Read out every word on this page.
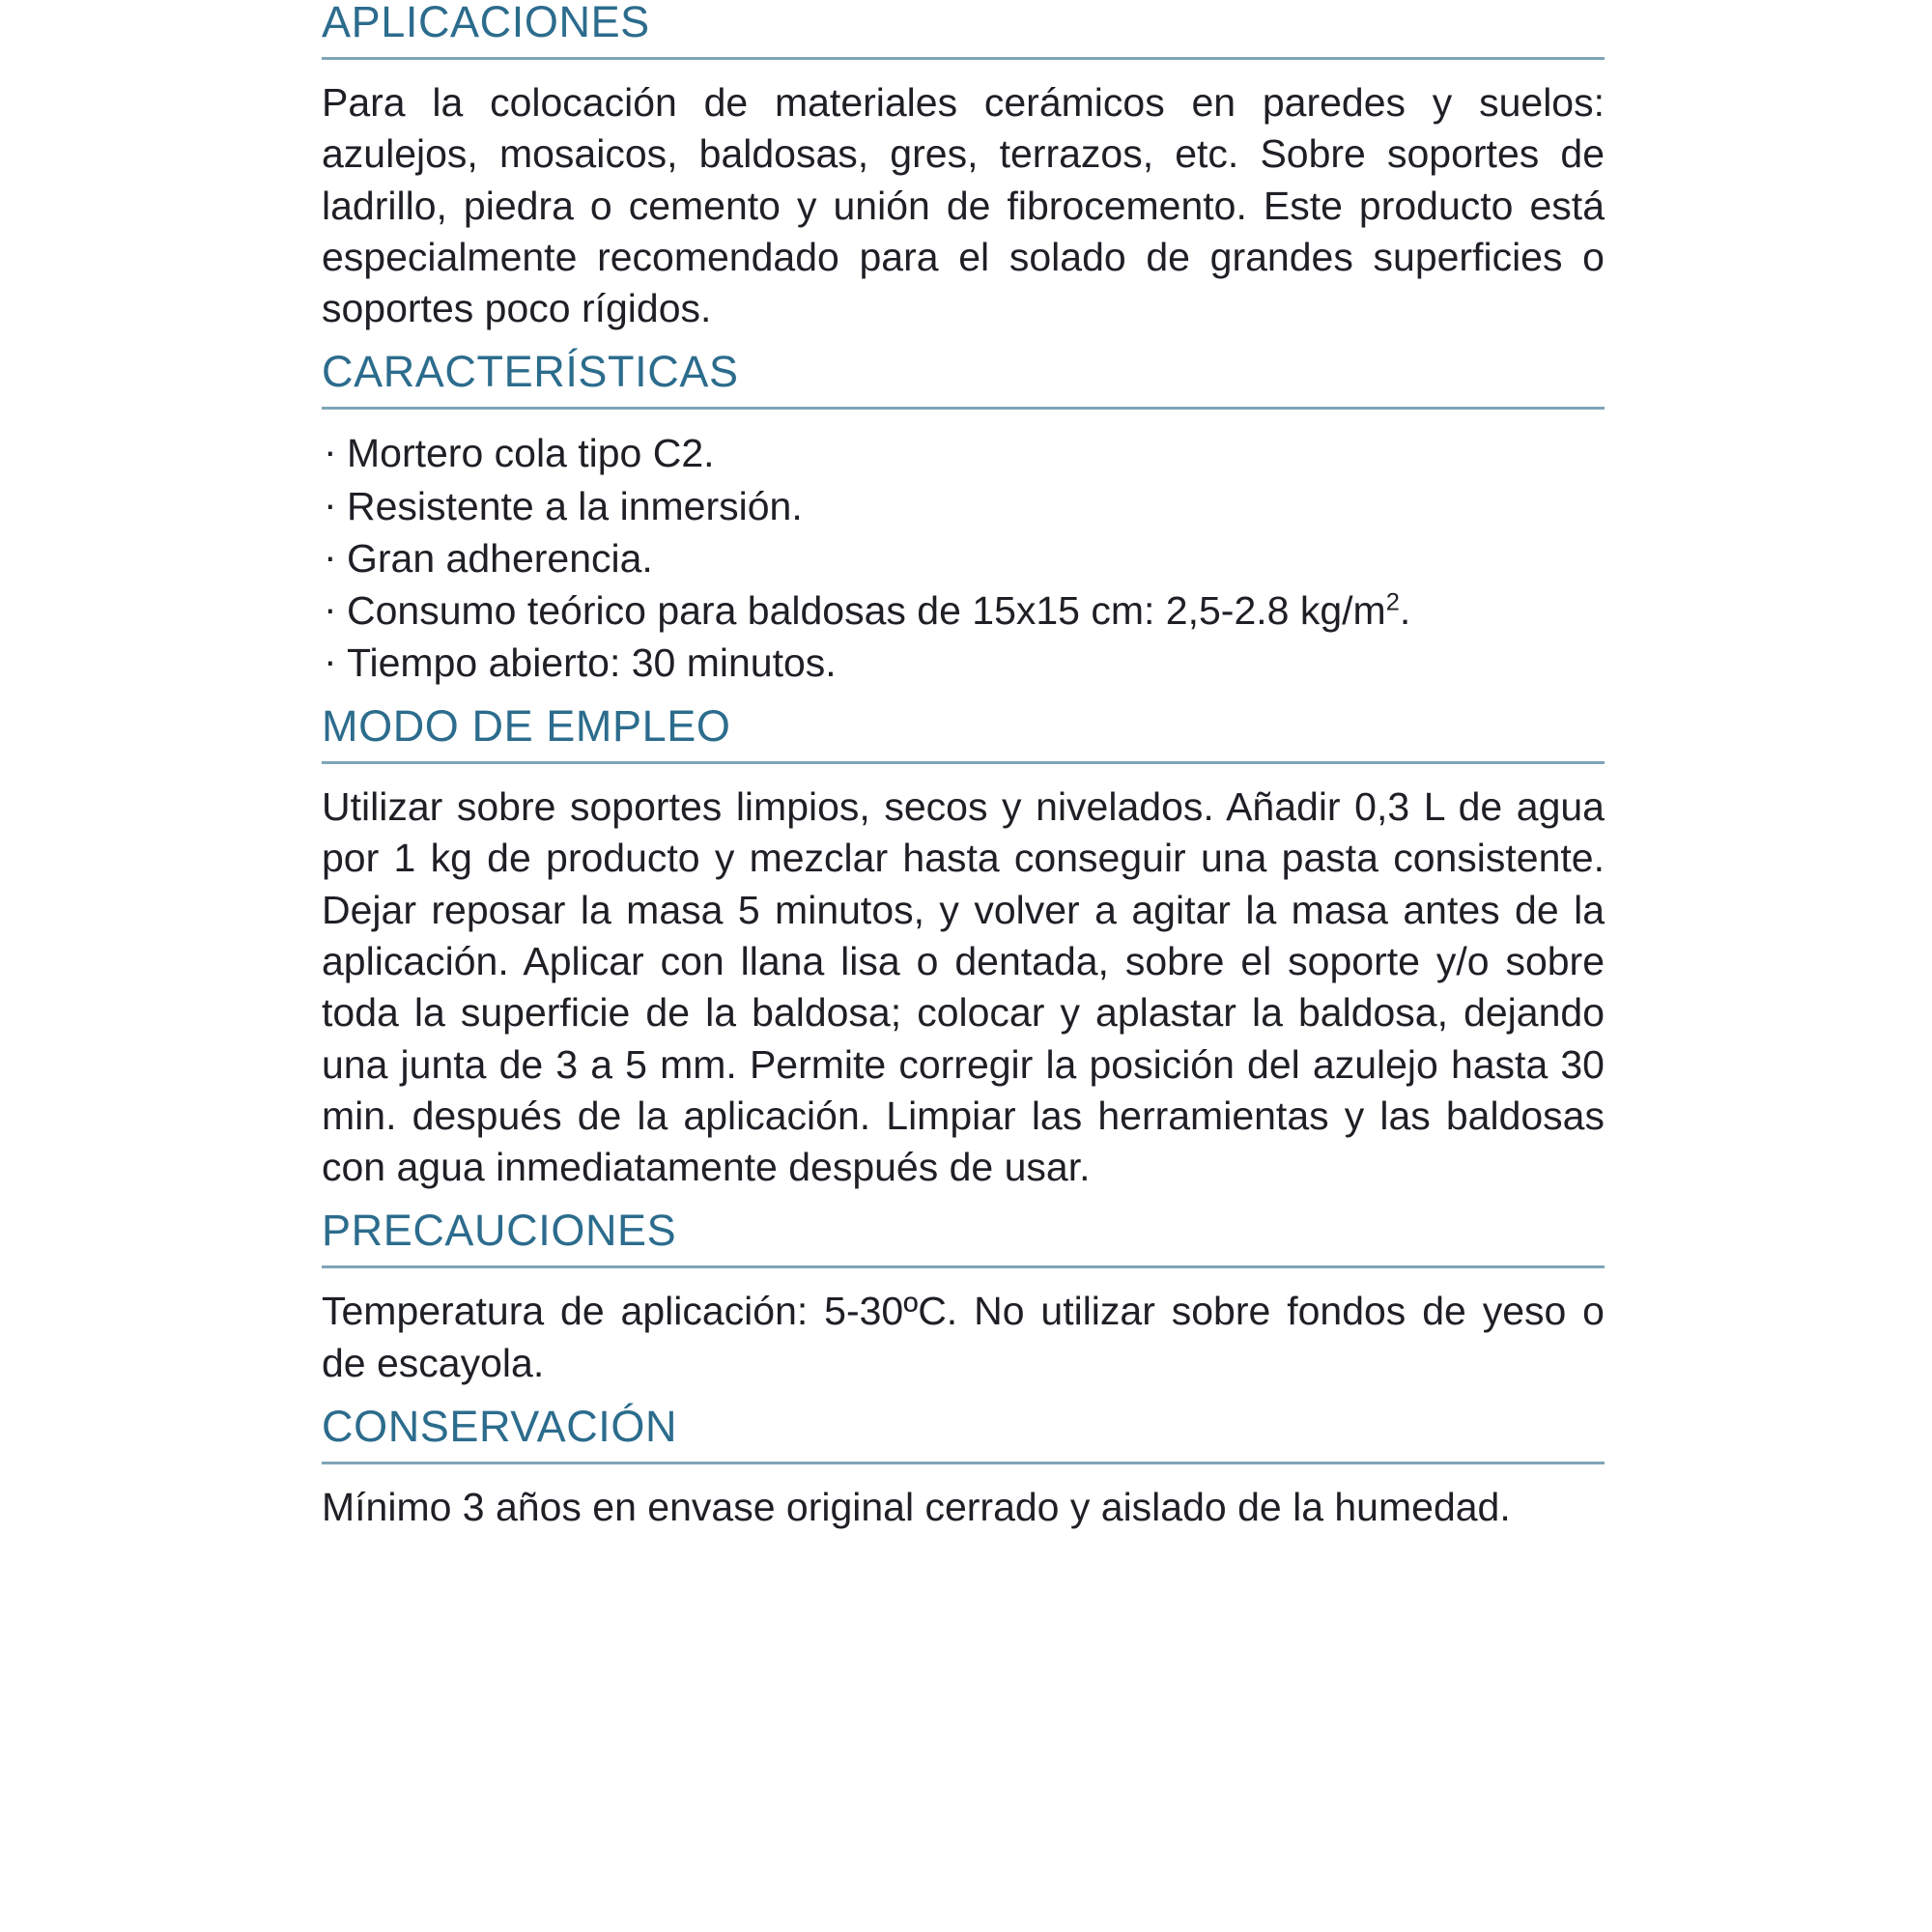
APLICACIONES
Para la colocación de materiales cerámicos en paredes y suelos: azulejos, mosaicos, baldosas, gres, terrazos, etc. Sobre soportes de ladrillo, piedra o cemento y unión de fibrocemento. Este producto está especialmente recomendado para el solado de grandes superficies o soportes poco rígidos.
CARACTERÍSTICAS
· Mortero cola tipo C2.
· Resistente a la inmersión.
· Gran adherencia.
· Consumo teórico para baldosas de 15x15 cm: 2,5-2.8 $kg/m^2$.
· Tiempo abierto: 30 minutos.
MODO DE EMPLEO
Utilizar sobre soportes limpios, secos y nivelados. Añadir 0,3 L de agua por 1 kg de producto y mezclar hasta conseguir una pasta consistente. Dejar reposar la masa 5 minutos, y volver a agitar la masa antes de la aplicación. Aplicar con llana lisa o dentada, sobre el soporte y/o sobre toda la superficie de la baldosa; colocar y aplastar la baldosa, dejando una junta de 3 a 5 mm. Permite corregir la posición del azulejo hasta 30 min. después de la aplicación. Limpiar las herramientas y las baldosas con agua inmediatamente después de usar.
PRECAUCIONES
Temperatura de aplicación: 5-30ºC. No utilizar sobre fondos de yeso o de escayola.
CONSERVACIÓN
Mínimo 3 años en envase original cerrado y aislado de la humedad.
